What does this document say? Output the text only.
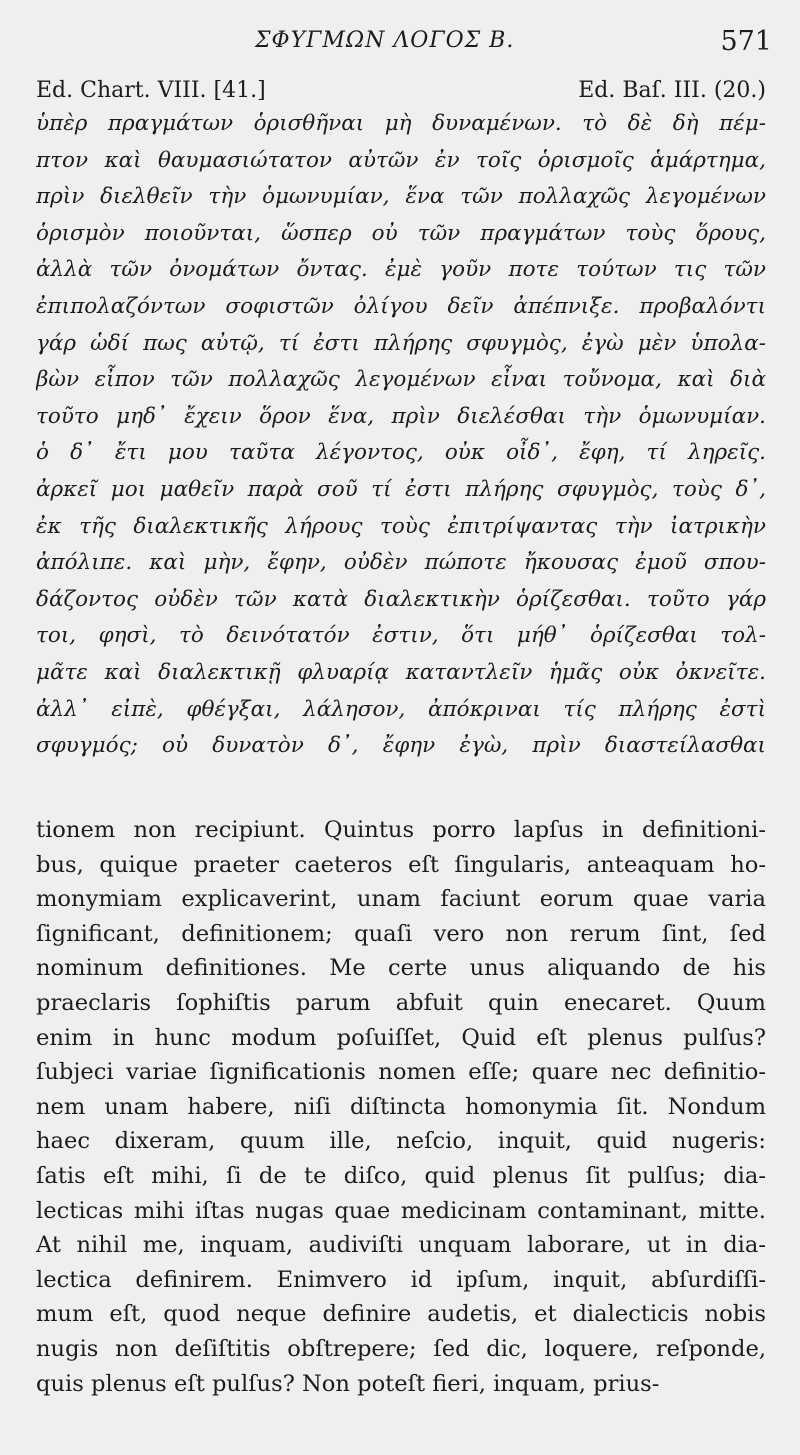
ΣΦΥΓΜΩΝ ΛΟΓΟΣ Β.	571
Ed. Chart. VIII. [41.]	Ed. Baſ. III. (20.)
ὑπὲρ πραγμάτων ὁρισθῆναι μὴ δυναμένων. τὸ δὲ δὴ πέμ-
πτον καὶ θαυμασιώτατον αὐτῶν ἐν τοῖς ὁρισμοῖς ἁμάρτημα,
πρὶν διελθεῖν τὴν ὁμωνυμίαν, ἕνα τῶν πολλαχῶς λεγομένων
ὁρισμὸν ποιοῦνται, ὥσπερ οὐ τῶν πραγμάτων τοὺς ὅρους,
ἀλλὰ τῶν ὀνομάτων ὄντας. ἐμὲ γοῦν ποτε τούτων τις τῶν
ἐπιπολαζόντων σοφιστῶν ὀλίγου δεῖν ἀπέπνιξε. προβαλόντι
γάρ ὡδί πως αὐτῷ, τί ἐστι πλήρης σφυγμὸς, ἐγὼ μὲν ὑπολα-
βὼν εἶπον τῶν πολλαχῶς λεγομένων εἶναι τοὔνομα, καὶ διὰ
τοῦτο μηδ᾽ ἔχειν ὅρον ἕνα, πρὶν διελέσθαι τὴν ὁμωνυμίαν.
ὁ δ᾽ ἔτι μου ταῦτα λέγοντος, οὐκ οἶδ᾽, ἔφη, τί ληρεῖς.
ἀρκεῖ μοι μαθεῖν παρὰ σοῦ τί ἐστι πλήρης σφυγμὸς, τοὺς δ᾽,
ἐκ τῆς διαλεκτικῆς λήρους τοὺς ἐπιτρίψαντας τὴν ἰατρικὴν
ἀπόλιπε. καὶ μὴν, ἔφην, οὐδὲν πώποτε ἤκουσας ἐμοῦ σπου-
δάζοντος οὐδὲν τῶν κατὰ διαλεκτικὴν ὁρίζεσθαι. τοῦτο γάρ
τοι, φησὶ, τὸ δεινότατόν ἐστιν, ὅτι μήθ᾽ ὁρίζεσθαι τολ-
μᾶτε καὶ διαλεκτικῇ φλυαρίᾳ καταντλεῖν ἡμᾶς οὐκ ὀκνεῖτε.
ἀλλ᾽ εἰπὲ, φθέγξαι, λάλησον, ἀπόκριναι τίς πλήρης ἐστὶ
σφυγμός; οὐ δυνατὸν δ᾽, ἔφην ἐγὼ, πρὶν διαστείλασθαι
tionem non recipiunt. Quintus porro lapſus in definitioni-
bus, quique praeter caeteros eſt ſingularis, anteaquam ho-
monymiam explicaverint, unam faciunt eorum quae varia
ſignificant, definitionem; quaſi vero non rerum ſint, ſed
nominum definitiones. Me certe unus aliquando de his
praeclaris ſophiſtis parum abfuit quin enecaret. Quum
enim in hunc modum poſuiſſet, Quid eſt plenus pulſus?
ſubjeci variae ſignificationis nomen eſſe; quare nec definitio-
nem unam habere, niſi diſtincta homonymia ſit. Nondum
haec dixeram, quum ille, neſcio, inquit, quid nugeris:
ſatis eſt mihi, ſi de te diſco, quid plenus ſit pulſus; dia-
lecticas mihi iſtas nugas quae medicinam contaminant, mitte.
At nihil me, inquam, audiviſti unquam laborare, ut in dia-
lectica definirem. Enimvero id ipſum, inquit, abſurdiſſi-
mum eſt, quod neque definire audetis, et dialecticis nobis
nugis non deſiſtitis obſtrepere; ſed dic, loquere, reſponde,
quis plenus eſt pulſus? Non poteſt fieri, inquam, prius-
